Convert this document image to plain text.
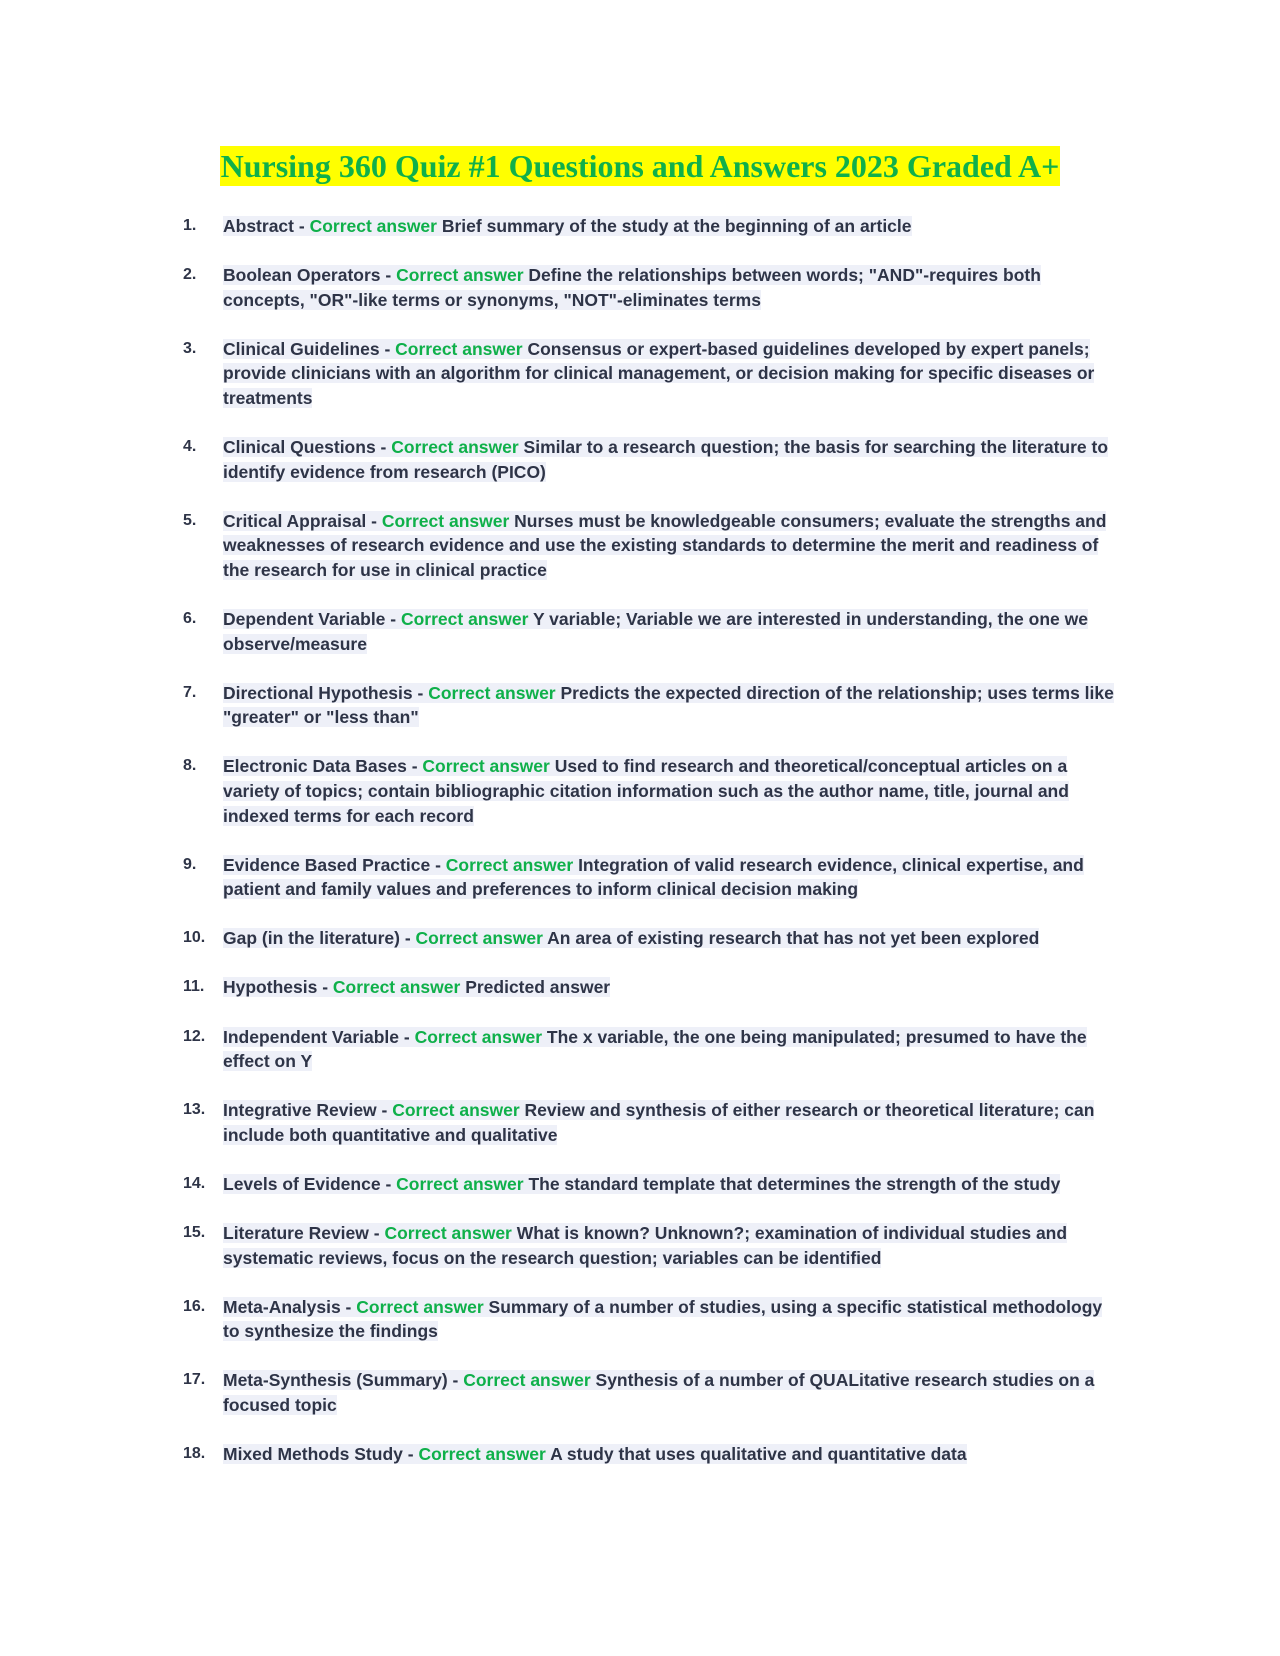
Nursing 360 Quiz #1 Questions and Answers 2023 Graded A+
1. Abstract - Correct answer Brief summary of the study at the beginning of an article
2. Boolean Operators - Correct answer Define the relationships between words; "AND"-requires both concepts, "OR"-like terms or synonyms, "NOT"-eliminates terms
3. Clinical Guidelines - Correct answer Consensus or expert-based guidelines developed by expert panels; provide clinicians with an algorithm for clinical management, or decision making for specific diseases or treatments
4. Clinical Questions - Correct answer Similar to a research question; the basis for searching the literature to identify evidence from research (PICO)
5. Critical Appraisal - Correct answer Nurses must be knowledgeable consumers; evaluate the strengths and weaknesses of research evidence and use the existing standards to determine the merit and readiness of the research for use in clinical practice
6. Dependent Variable - Correct answer Y variable; Variable we are interested in understanding, the one we observe/measure
7. Directional Hypothesis - Correct answer Predicts the expected direction of the relationship; uses terms like "greater" or "less than"
8. Electronic Data Bases - Correct answer Used to find research and theoretical/conceptual articles on a variety of topics; contain bibliographic citation information such as the author name, title, journal and indexed terms for each record
9. Evidence Based Practice - Correct answer Integration of valid research evidence, clinical expertise, and patient and family values and preferences to inform clinical decision making
10. Gap (in the literature) - Correct answer An area of existing research that has not yet been explored
11. Hypothesis - Correct answer Predicted answer
12. Independent Variable - Correct answer The x variable, the one being manipulated; presumed to have the effect on Y
13. Integrative Review - Correct answer Review and synthesis of either research or theoretical literature; can include both quantitative and qualitative
14. Levels of Evidence - Correct answer The standard template that determines the strength of the study
15. Literature Review - Correct answer What is known? Unknown?; examination of individual studies and systematic reviews, focus on the research question; variables can be identified
16. Meta-Analysis - Correct answer Summary of a number of studies, using a specific statistical methodology to synthesize the findings
17. Meta-Synthesis (Summary) - Correct answer Synthesis of a number of QUALitative research studies on a focused topic
18. Mixed Methods Study - Correct answer A study that uses qualitative and quantitative data
